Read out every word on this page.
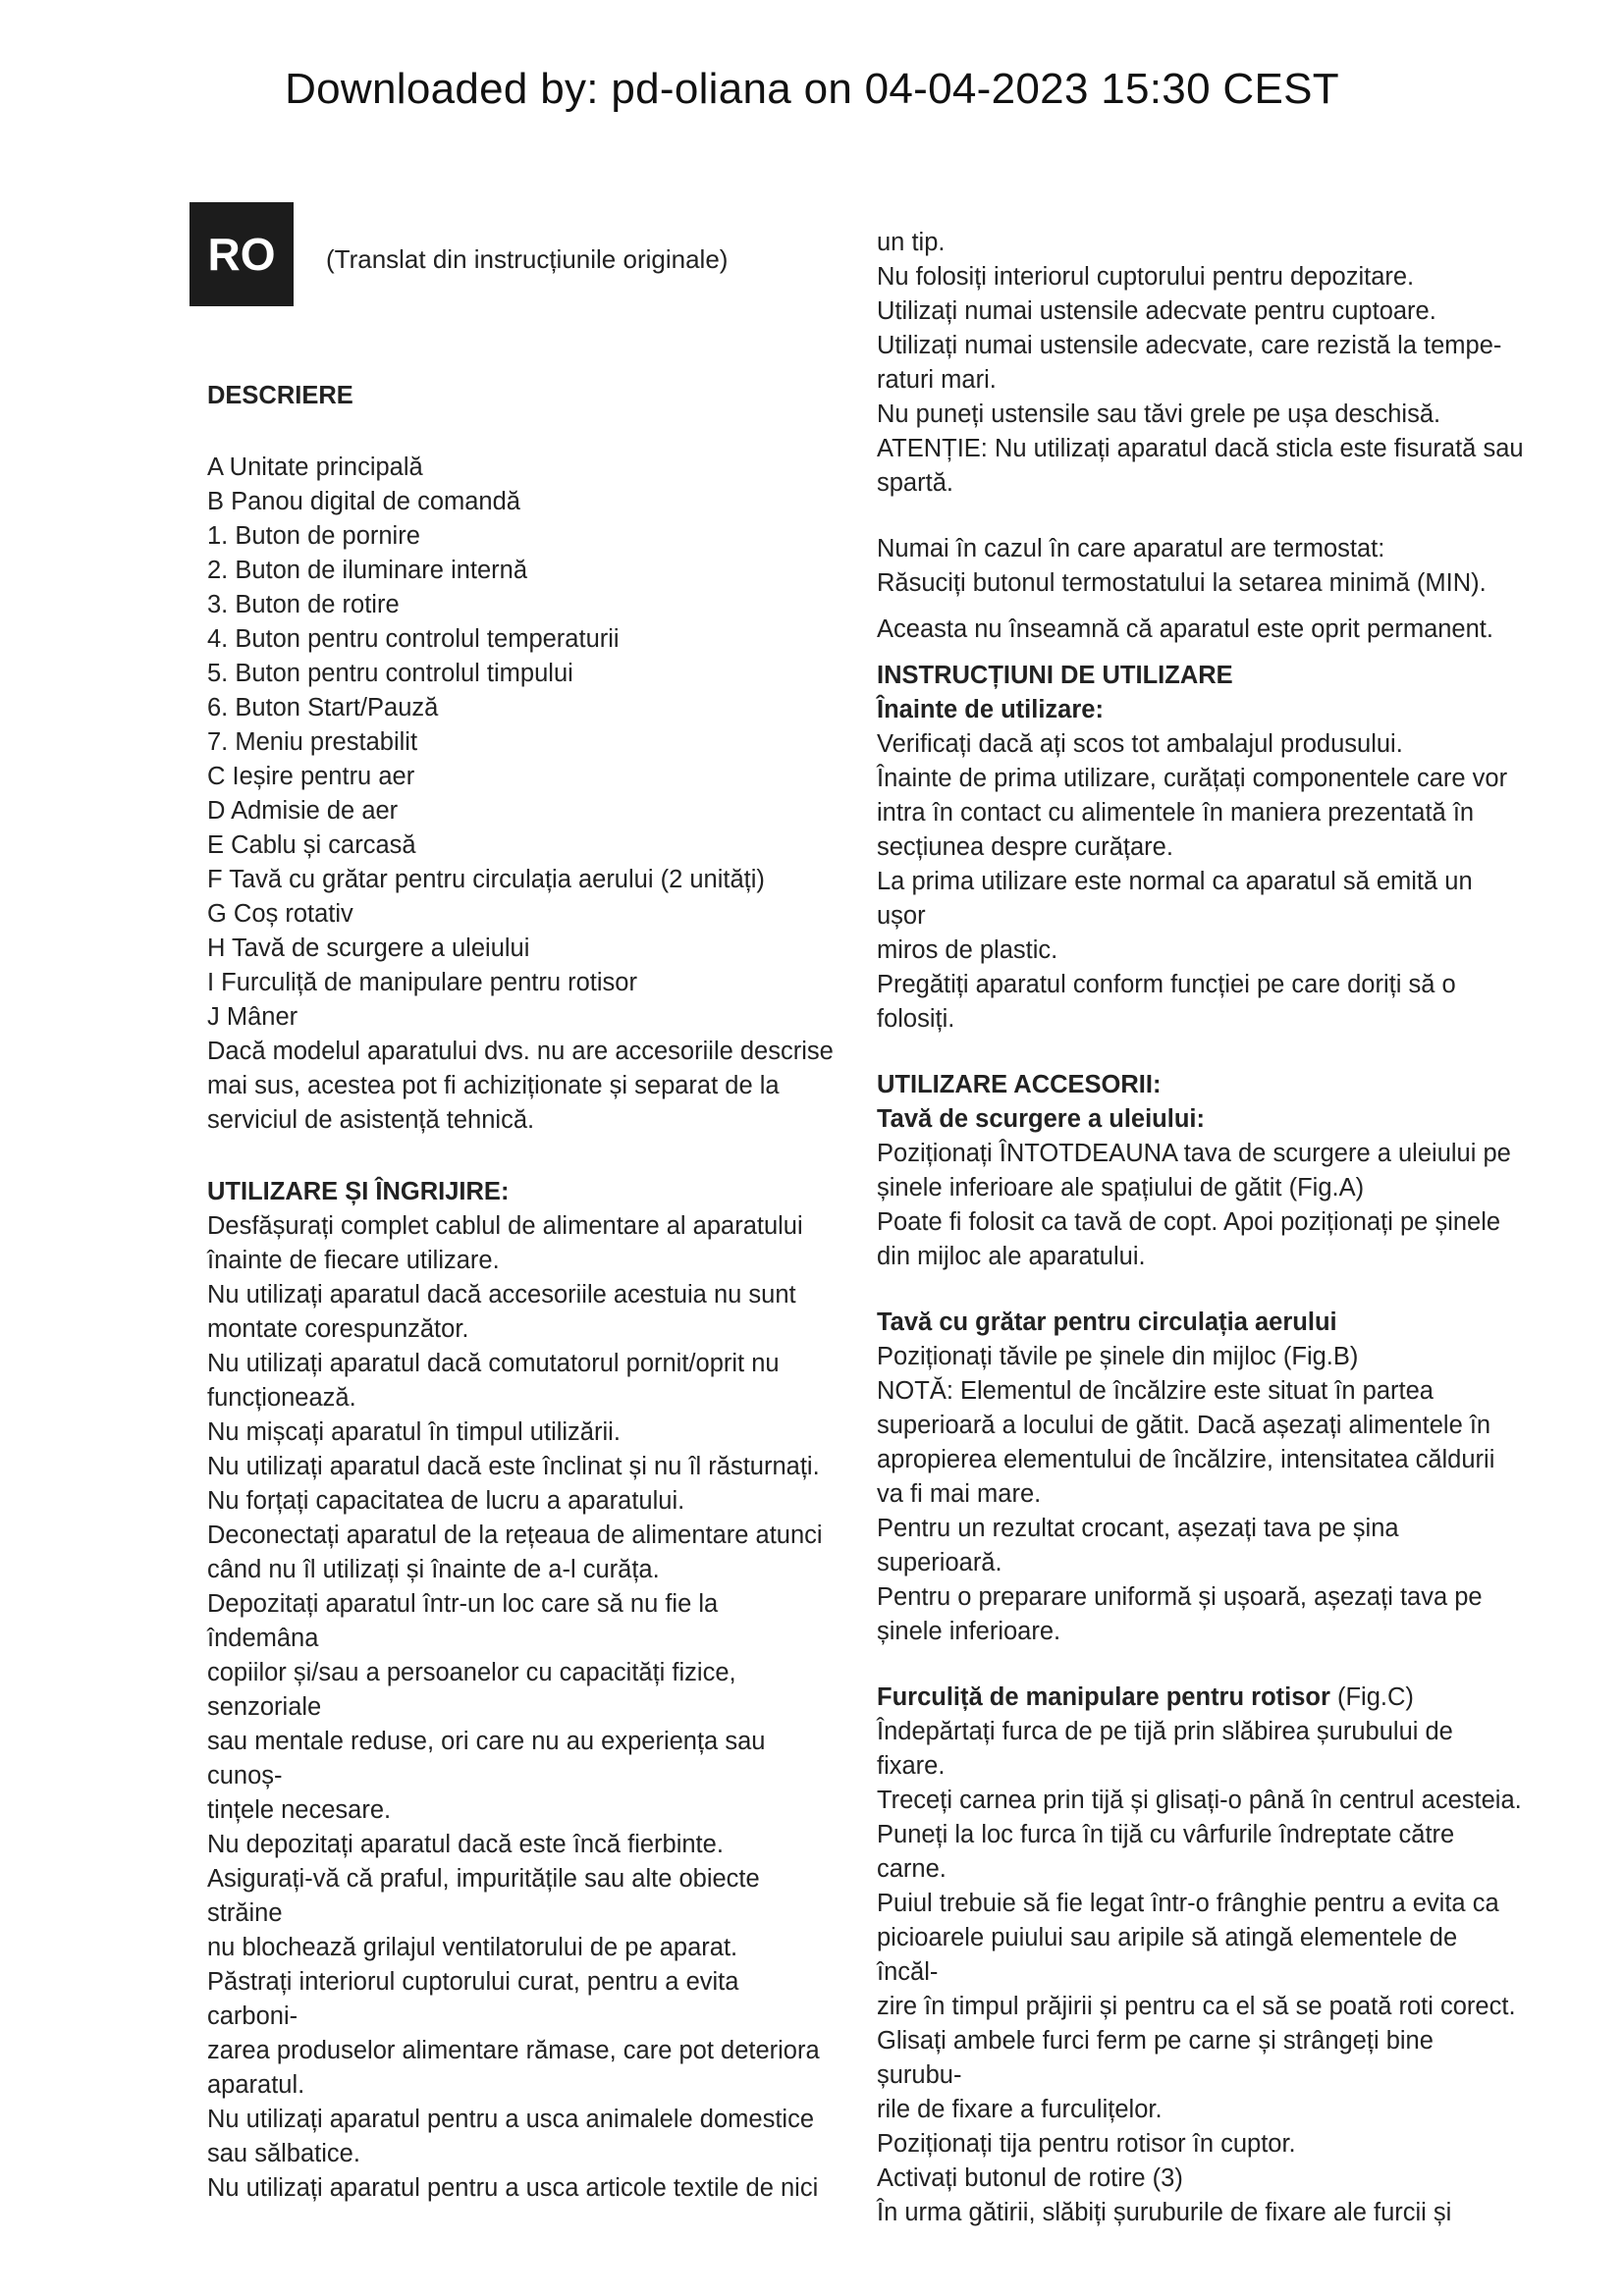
Downloaded by: pd-oliana on 04-04-2023 15:30 CEST
RO	(Translat din instrucțiunile originale)

DESCRIERE

A Unitate principală

B Panou digital de comandă

1. Buton de pornire

2. Buton de iluminare internă

3. Buton de rotire

4. Buton pentru controlul temperaturii

5. Buton pentru controlul timpului

6. Buton Start/Pauză

7. Meniu prestabilit

C Ieșire pentru aer

D Admisie de aer

E Cablu și carcasă

F Tavă cu grătar pentru circulația aerului (2 unități)

G Coș rotativ

H Tavă de scurgere a uleiului

I Furculiță de manipulare pentru rotisor

J Mâner

Dacă modelul aparatului dvs. nu are accesoriile descrise

mai sus, acestea pot fi achiziționate și separat de la

serviciul de asistență tehnică.

UTILIZARE ȘI ÎNGRIJIRE:

Desfășurați complet cablul de alimentare al aparatului

înainte de fiecare utilizare.

Nu utilizați aparatul dacă accesoriile acestuia nu sunt

montate corespunzător.

Nu utilizați aparatul dacă comutatorul pornit/oprit nu

funcționează.

Nu mișcați aparatul în timpul utilizării.

Nu utilizați aparatul dacă este înclinat și nu îl răsturnați.

Nu forțați capacitatea de lucru a aparatului.

Deconectați aparatul de la rețeaua de alimentare atunci

când nu îl utilizați și înainte de a-l curăța.

Depozitați aparatul într-un loc care să nu fie la îndemâna

copiilor și/sau a persoanelor cu capacități fizice, senzoriale

sau mentale reduse, ori care nu au experiența sau cunoș-

tințele necesare.

Nu depozitați aparatul dacă este încă fierbinte.

Asigurați-vă că praful, impuritățile sau alte obiecte străine

nu blochează grilajul ventilatorului de pe aparat.

Păstrați interiorul cuptorului curat, pentru a evita carboni-

zarea produselor alimentare rămase, care pot deteriora

aparatul.

Nu utilizați aparatul pentru a usca animalele domestice

sau sălbatice.

Nu utilizați aparatul pentru a usca articole textile de nici

un tip.

Nu folosiți interiorul cuptorului pentru depozitare.

Utilizați numai ustensile adecvate pentru cuptoare.

Utilizați numai ustensile adecvate, care rezistă la tempe-

raturi mari.

Nu puneți ustensile sau tăvi grele pe ușa deschisă.

ATENȚIE: Nu utilizați aparatul dacă sticla este fisurată sau

spartă.

Numai în cazul în care aparatul are termostat:

Răsuciți butonul termostatului la setarea minimă (MIN).

Aceasta nu înseamnă că aparatul este oprit permanent.

INSTRUCȚIUNI DE UTILIZARE

Înainte de utilizare:

Verificați dacă ați scos tot ambalajul produsului.

Înainte de prima utilizare, curățați componentele care vor

intra în contact cu alimentele în maniera prezentată în

secțiunea despre curățare.

La prima utilizare este normal ca aparatul să emită un ușor

miros de plastic.

Pregătiți aparatul conform funcției pe care doriți să o

folosiți.

UTILIZARE ACCESORII:

Tavă de scurgere a uleiului:

Poziționați ÎNTOTDEAUNA tava de scurgere a uleiului pe

șinele inferioare ale spațiului de gătit (Fig.A)

Poate fi folosit ca tavă de copt. Apoi poziționați pe șinele

din mijloc ale aparatului.

Tavă cu grătar pentru circulația aerului

Poziționați tăvile pe șinele din mijloc (Fig.B)

NOTĂ: Elementul de încălzire este situat în partea

superioară a locului de gătit. Dacă așezați alimentele în

apropierea elementului de încălzire, intensitatea căldurii

va fi mai mare.

Pentru un rezultat crocant, așezați tava pe șina superioară.

Pentru o preparare uniformă și ușoară, așezați tava pe

șinele inferioare.

Furculiță de manipulare pentru rotisor (Fig.C)

Îndepărtați furca de pe tijă prin slăbirea șurubului de fixare.

Treceți carnea prin tijă și glisați-o până în centrul acesteia.

Puneți la loc furca în tijă cu vârfurile îndreptate către carne.

Puiul trebuie să fie legat într-o frânghie pentru a evita ca

picioarele puiului sau aripile să atingă elementele de încăl-

zire în timpul prăjirii și pentru ca el să se poată roti corect.

Glisați ambele furci ferm pe carne și strângeți bine șurubu-

rile de fixare a furculițelor.

Poziționați tija pentru rotisor în cuptor.

Activați butonul de rotire (3)

În urma gătirii, slăbiți șuruburile de fixare ale furcii și
